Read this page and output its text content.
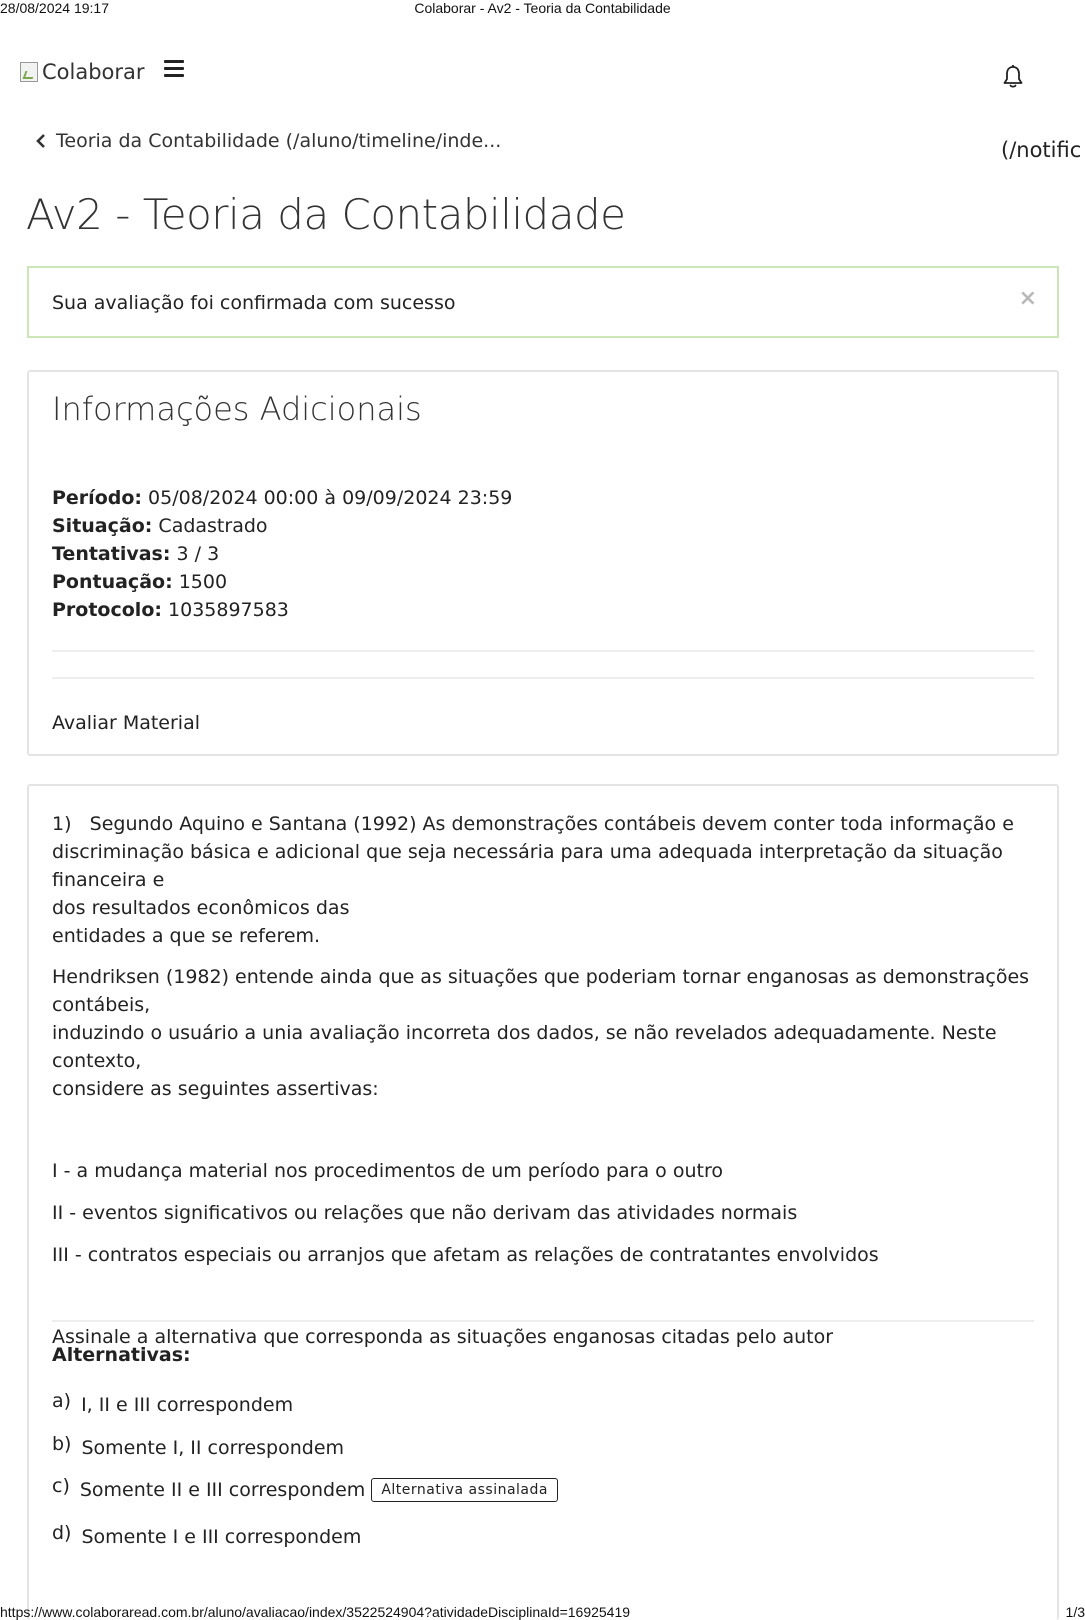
28/08/2024 19:17	Colaborar - Av2 - Teoria da Contabilidade
Colaborar
Teoria da Contabilidade (/aluno/timeline/inde...	(/notific
Av2 - Teoria da Contabilidade
Sua avaliação foi confirmada com sucesso	×
Informações Adicionais
Período: 05/08/2024 00:00 à 09/09/2024 23:59
Situação: Cadastrado
Tentativas: 3 / 3
Pontuação: 1500
Protocolo: 1035897583
Avaliar Material

1) Segundo Aquino e Santana (1992) As demonstrações contábeis devem conter toda informação e
discriminação básica e adicional que seja necessária para uma adequada interpretação da situação financeira e
dos resultados econômicos das
entidades a que se referem.

Hendriksen (1982) entende ainda que as situações que poderiam tornar enganosas as demonstrações
contábeis,
induzindo o usuário a unia avaliação incorreta dos dados, se não revelados adequadamente. Neste contexto,
considere as seguintes assertivas:

I - a mudança material nos procedimentos de um período para o outro

II - eventos significativos ou relações que não derivam das atividades normais

III - contratos especiais ou arranjos que afetam as relações de contratantes envolvidos

Assinale a alternativa que corresponda as situações enganosas citadas pelo autor

Alternativas:
a) I, II e III correspondem
b) Somente I, II correspondem
c) Somente II e III correspondem	Alternativa assinalada
d) Somente I e III correspondem
https://www.colaboraread.com.br/aluno/avaliacao/index/3522524904?atividadeDisciplinaId=16925419	1/3
